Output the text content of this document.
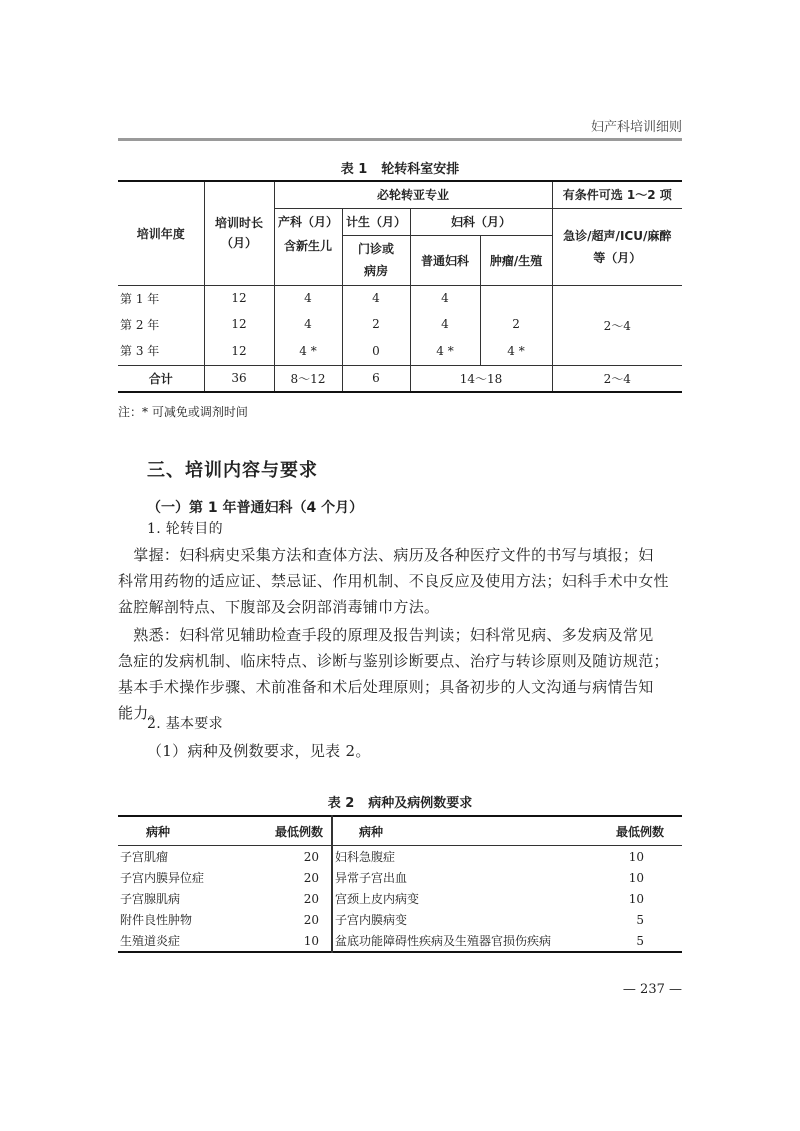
妇产科培训细则
表 1 轮转科室安排
培训年度	培训时长（月）	必轮转亚专业				有条件可选 1～2 项
		产科（月）	计生（月）	妇科（月）		急诊/超声/ICU/麻醉等（月）
		含新生儿	门诊或病房	普通妇科	肿瘤/生殖	
第 1 年	12	4	4	4		2～4
第 2 年	12	4	2	4	2	
第 3 年	12	4 *	0	4 *	4 *	
合计	36	8～12	6	14～18		2～4
注：* 可减免或调剂时间
三、培训内容与要求
（一）第 1 年普通妇科（4 个月）
1. 轮转目的
　掌握：妇科病史采集方法和查体方法、病历及各种医疗文件的书写与填报；妇
科常用药物的适应证、禁忌证、作用机制、不良反应及使用方法；妇科手术中女性
盆腔解剖特点、下腹部及会阴部消毒铺巾方法。
　熟悉：妇科常见辅助检查手段的原理及报告判读；妇科常见病、多发病及常见
急症的发病机制、临床特点、诊断与鉴别诊断要点、治疗与转诊原则及随访规范；
基本手术操作步骤、术前准备和术后处理原则；具备初步的人文沟通与病情告知
能力。
2. 基本要求
（1）病种及例数要求，见表 2。
表 2 病种及病例数要求
病种	最低例数	病种	最低例数
子宫肌瘤	20	妇科急腹症	10
子宫内膜异位症	20	异常子宫出血	10
子宫腺肌病	20	宫颈上皮内病变	10
附件良性肿物	20	子宫内膜病变	5
生殖道炎症	10	盆底功能障碍性疾病及生殖器官损伤疾病	5
— 237 —
